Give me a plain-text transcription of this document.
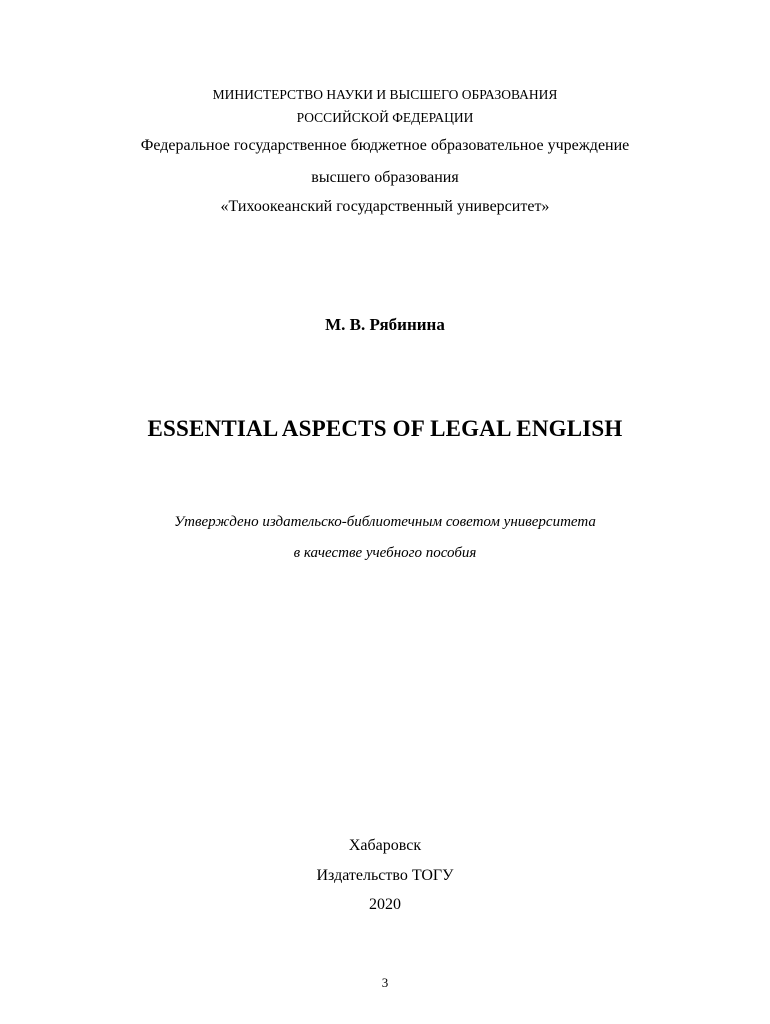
МИНИСТЕРСТВО НАУКИ И ВЫСШЕГО ОБРАЗОВАНИЯ
РОССИЙСКОЙ ФЕДЕРАЦИИ
Федеральное государственное бюджетное образовательное учреждение
высшего образования
«Тихоокеанский государственный университет»
М. В. Рябинина
ESSENTIAL ASPECTS OF LEGAL ENGLISH
Утверждено издательско-библиотечным советом университета
в качестве учебного пособия
Хабаровск
Издательство ТОГУ
2020
3
